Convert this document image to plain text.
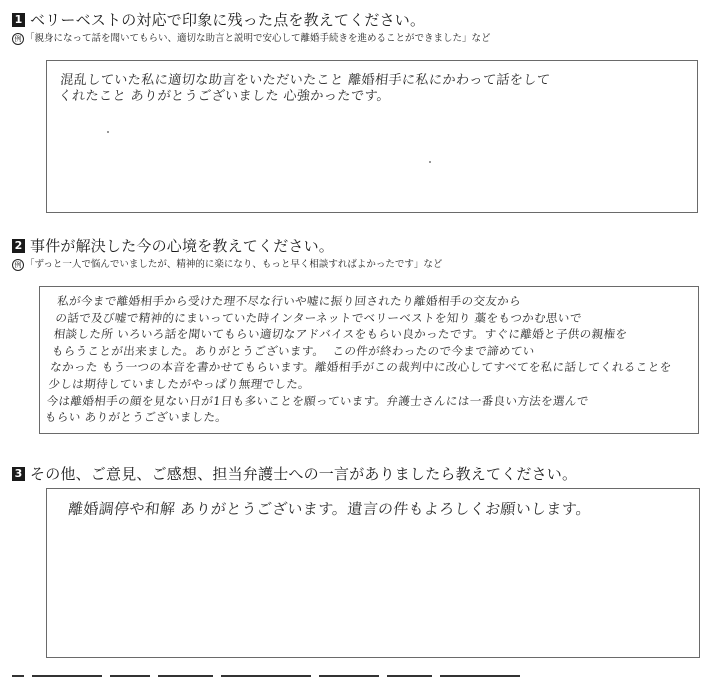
1 ベリーベストの対応で印象に残った点を教えてください。
例 「親身になって話を聞いてもらい、適切な助言と説明で安心して離婚手続きを進めることができました」など
混乱していた私に適切な助言をいただいたこと 離婚相手に私にかわって話をして
くれたこと ありがとうございました 心強かったです。
2 事件が解決した今の心境を教えてください。
例 「ずっと一人で悩んでいましたが、精神的に楽になり、もっと早く相談すればよかったです」など
私が今まで離婚相手から受けた理不尽な行いや嘘に振り回されたり離婚相手の交友から
の話で及び嘘で精神的にまいっていた時インターネットでベリーベストを知り 藁をもつかむ思いで
相談した所 いろいろ話を聞いてもらい適切なアドバイスをもらい良かったです。すぐに離婚と子供の親権を
もらうことが出来ました。ありがとうございます。  この件が終わったので今まで諦めてい
なかった もう一つの本音を書かせてもらいます。離婚相手がこの裁判中に改心してすべてを私に話してくれることを
少しは期待していましたがやっぱり無理でした。
今は離婚相手の顔を見ない日が1日も多いことを願っています。弁護士さんには一番良い方法を選んで
もらい ありがとうございました。
3 その他、ご意見、ご感想、担当弁護士への一言がありましたら教えてください。
離婚調停や和解 ありがとうございます。遺言の件もよろしくお願いします。
